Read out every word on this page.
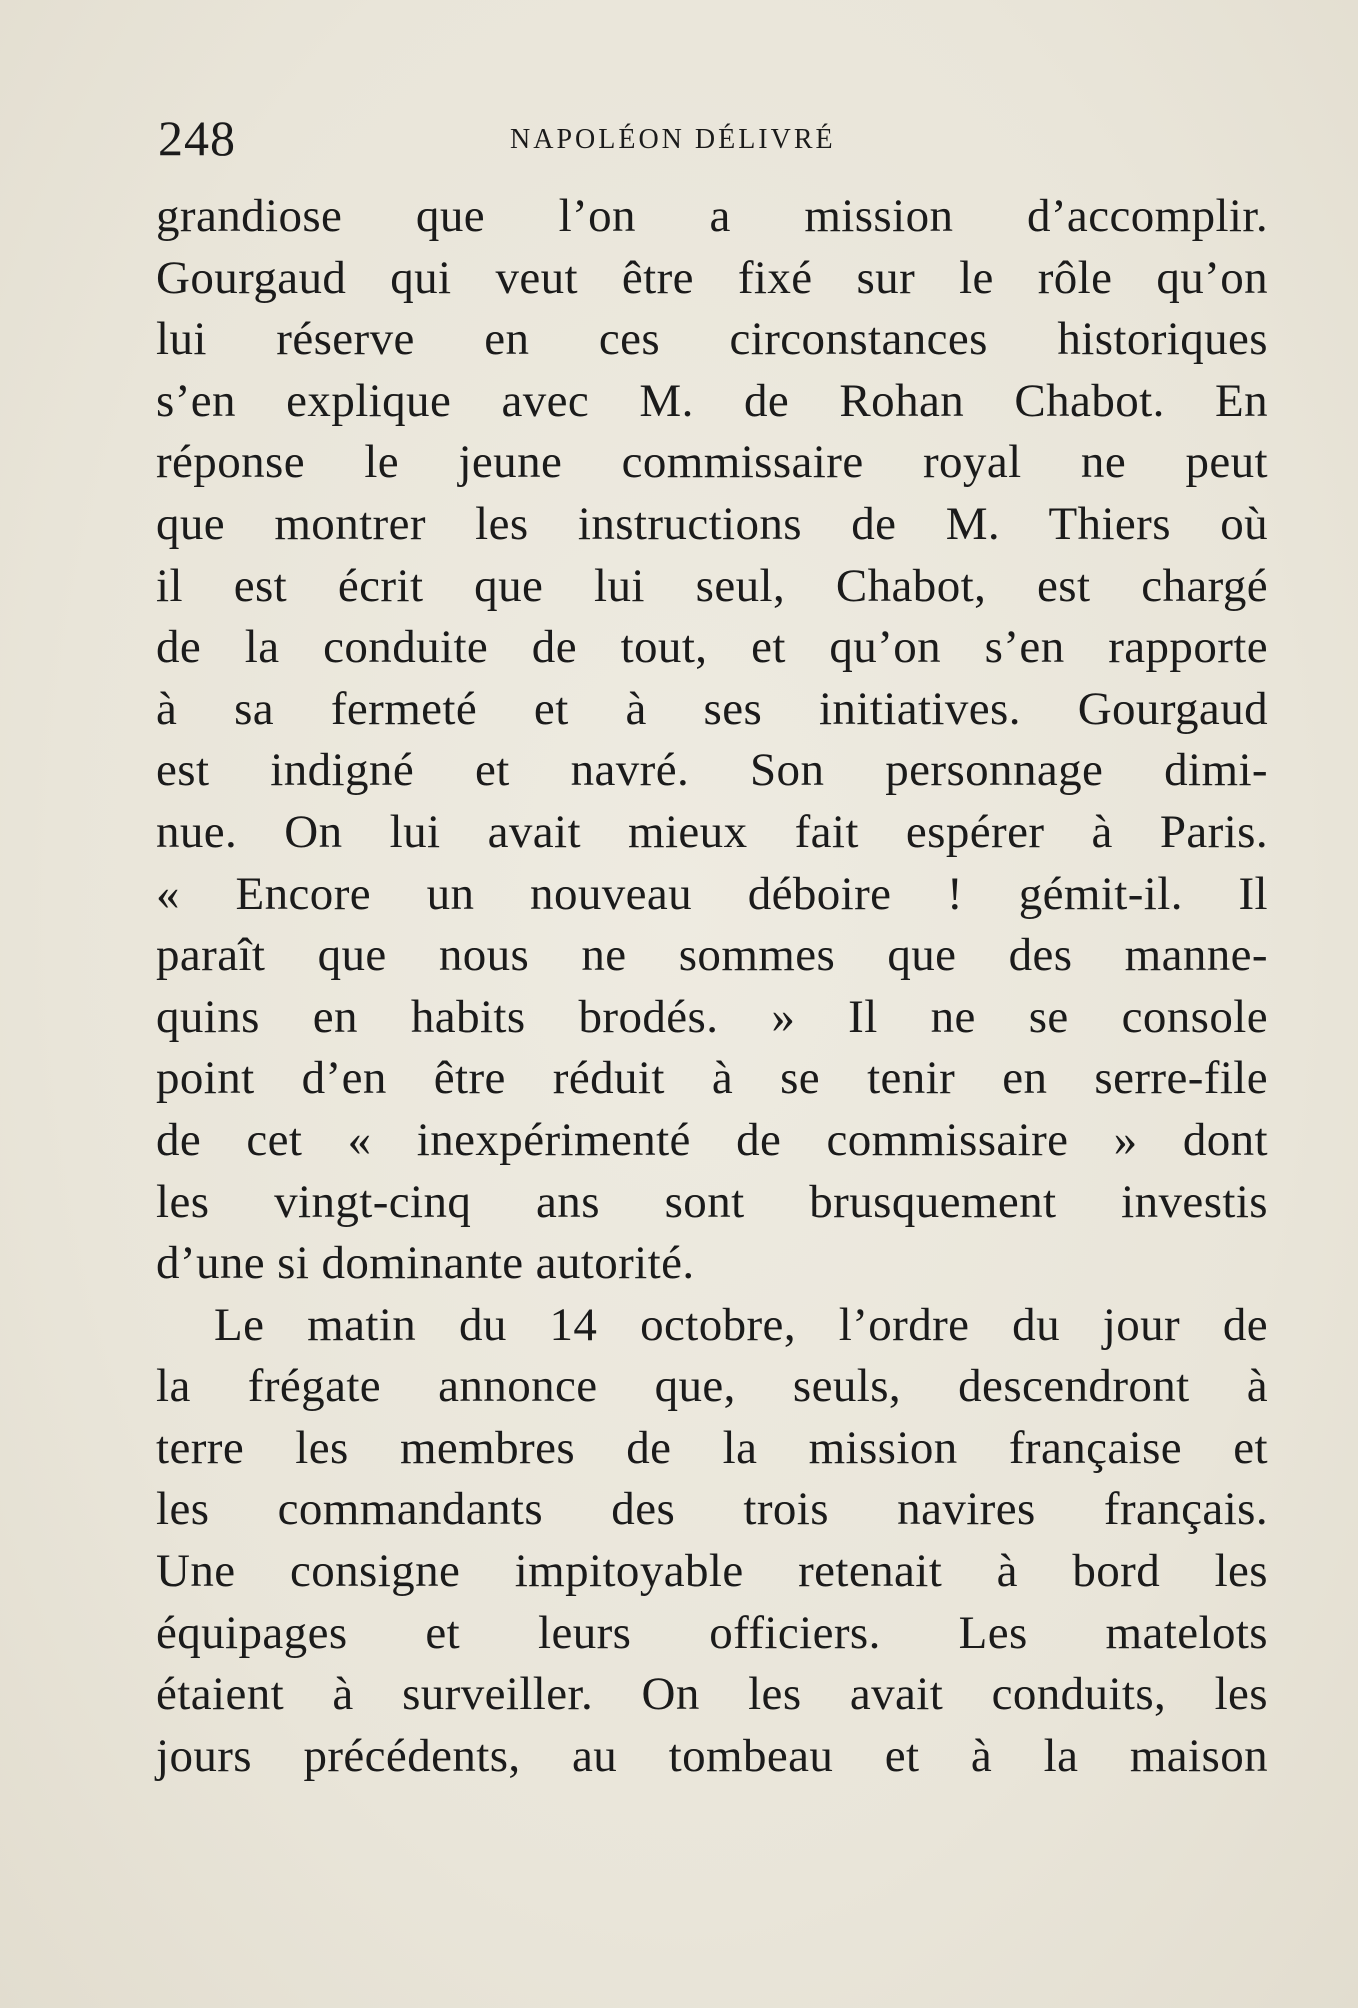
248	NAPOLÉON DÉLIVRÉ
grandiose que l’on a mission d’accomplir.
Gourgaud qui veut être fixé sur le rôle qu’on
lui réserve en ces circonstances historiques
s’en explique avec M. de Rohan Chabot. En
réponse le jeune commissaire royal ne peut
que montrer les instructions de M. Thiers où
il est écrit que lui seul, Chabot, est chargé
de la conduite de tout, et qu’on s’en rapporte
à sa fermeté et à ses initiatives. Gourgaud
est indigné et navré. Son personnage dimi-
nue. On lui avait mieux fait espérer à Paris.
« Encore un nouveau déboire ! gémit-il. Il
paraît que nous ne sommes que des manne-
quins en habits brodés. » Il ne se console
point d’en être réduit à se tenir en serre-file
de cet « inexpérimenté de commissaire » dont
les vingt-cinq ans sont brusquement investis
d’une si dominante autorité.
Le matin du 14 octobre, l’ordre du jour de
la frégate annonce que, seuls, descendront à
terre les membres de la mission française et
les commandants des trois navires français.
Une consigne impitoyable retenait à bord les
équipages et leurs officiers. Les matelots
étaient à surveiller. On les avait conduits, les
jours précédents, au tombeau et à la maison
